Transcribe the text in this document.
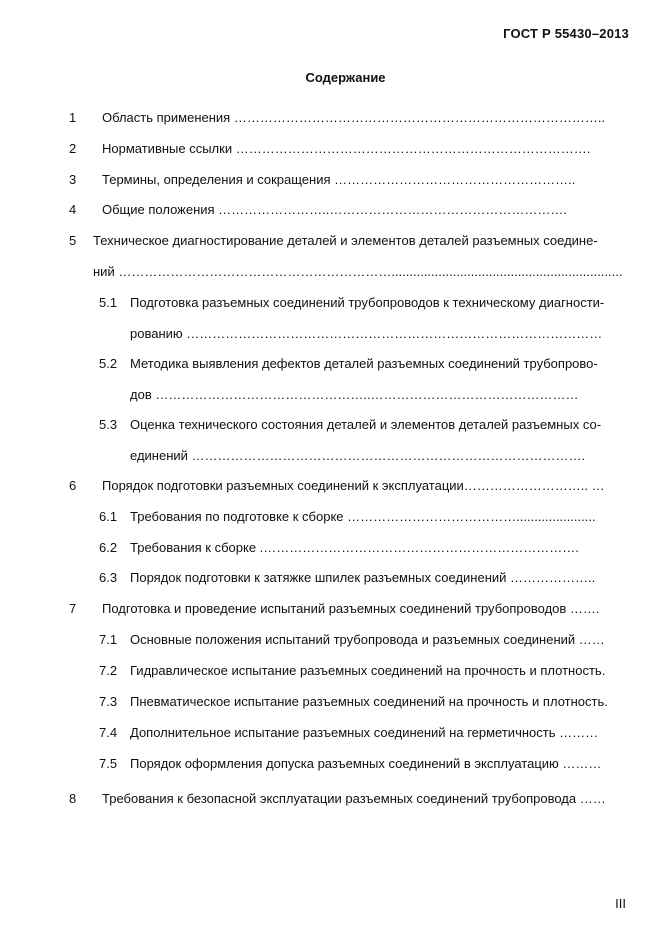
ГОСТ Р 55430–2013
Содержание
1 Область применения …………………………………………………………………………..
2 Нормативные ссылки ……………………………………………………………………….
3 Термины, определения и сокращения ………………………………………………..
4 Общие положения ……………………..……………………………………………….
5 Техническое диагностирование деталей и элементов деталей разъемных соедине-
ний ………………………………………………………................................................................
5.1 Подготовка разъемных соединений трубопроводов к техническому диагности-
рованию ……………………………………………………………………………………
5.2 Методика выявления дефектов деталей разъемных соединений трубопрово-
дов …………………………………………..…………………………………………
5.3 Оценка технического состояния деталей и элементов деталей разъемных со-
единений ……………………………………………………………………………….
6 Порядок подготовки разъемных соединений к эксплуатации……………………….. …
6.1 Требования по подготовке к сборке …………………………………......................
6.2 Требования к сборке .……………………………………………………………….
6.3 Порядок подготовки к затяжке шпилек разъемных соединений ………………..
7 Подготовка и проведение испытаний разъемных соединений трубопроводов …….
7.1 Основные положения испытаний трубопровода и разъемных соединений ……
7.2 Гидравлическое испытание разъемных соединений на прочность и плотность.
7.3 Пневматическое испытание разъемных соединений на прочность и плотность.
7.4 Дополнительное испытание разъемных соединений на герметичность ………
7.5 Порядок оформления допуска разъемных соединений в эксплуатацию ………
8 Требования к безопасной эксплуатации разъемных соединений трубопровода ……
III
